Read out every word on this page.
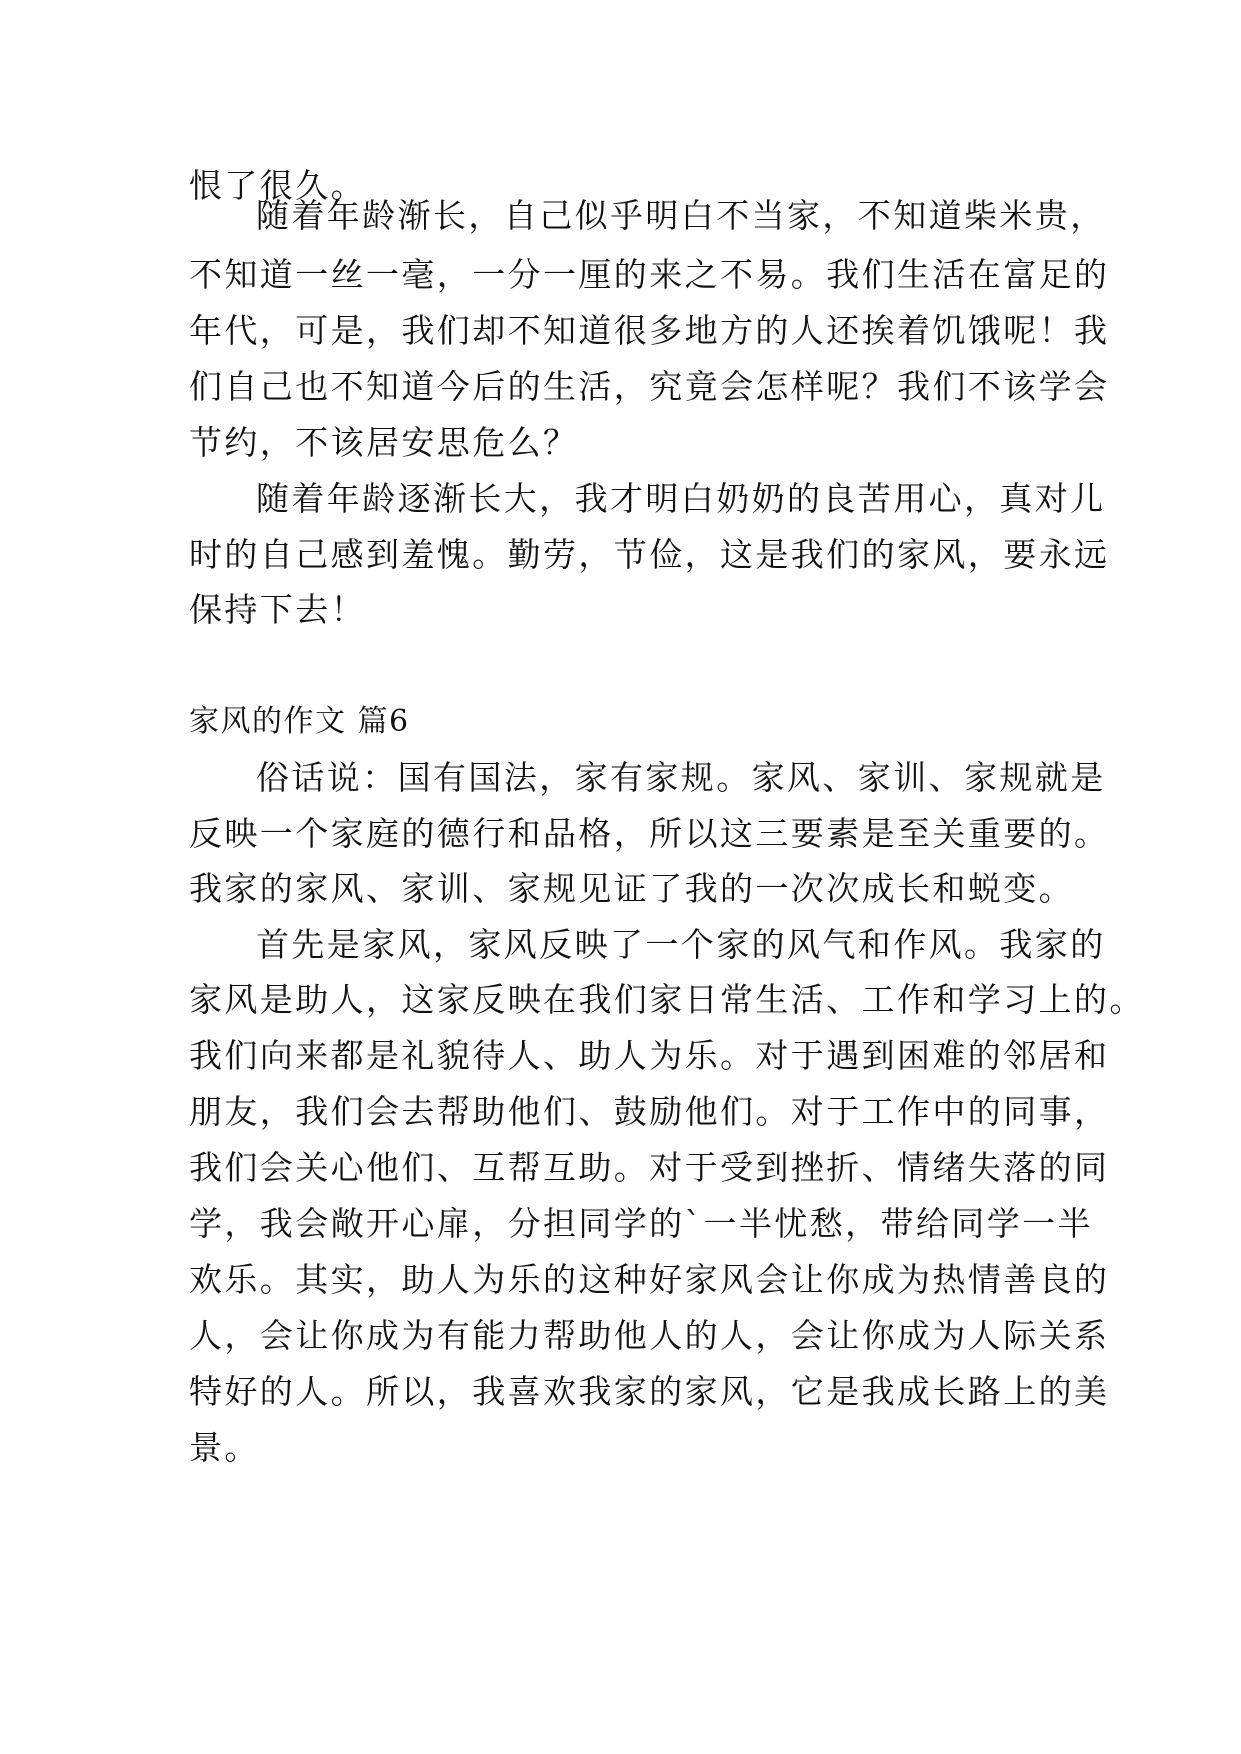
恨了很久。
随着年龄渐长，自己似乎明白不当家，不知道柴米贵，
不知道一丝一毫，一分一厘的来之不易。我们生活在富足的
年代，可是，我们却不知道很多地方的人还挨着饥饿呢！我
们自己也不知道今后的生活，究竟会怎样呢？我们不该学会
节约，不该居安思危么？
随着年龄逐渐长大，我才明白奶奶的良苦用心，真对儿
时的自己感到羞愧。勤劳，节俭，这是我们的家风，要永远
保持下去！
家风的作文 篇6
俗话说：国有国法，家有家规。家风、家训、家规就是
反映一个家庭的德行和品格，所以这三要素是至关重要的。
我家的家风、家训、家规见证了我的一次次成长和蜕变。
首先是家风，家风反映了一个家的风气和作风。我家的
家风是助人，这家反映在我们家日常生活、工作和学习上的。
我们向来都是礼貌待人、助人为乐。对于遇到困难的邻居和
朋友，我们会去帮助他们、鼓励他们。对于工作中的同事，
我们会关心他们、互帮互助。对于受到挫折、情绪失落的同
学，我会敞开心扉，分担同学的`一半忧愁，带给同学一半
欢乐。其实，助人为乐的这种好家风会让你成为热情善良的
人，会让你成为有能力帮助他人的人，会让你成为人际关系
特好的人。所以，我喜欢我家的家风，它是我成长路上的美
景。
